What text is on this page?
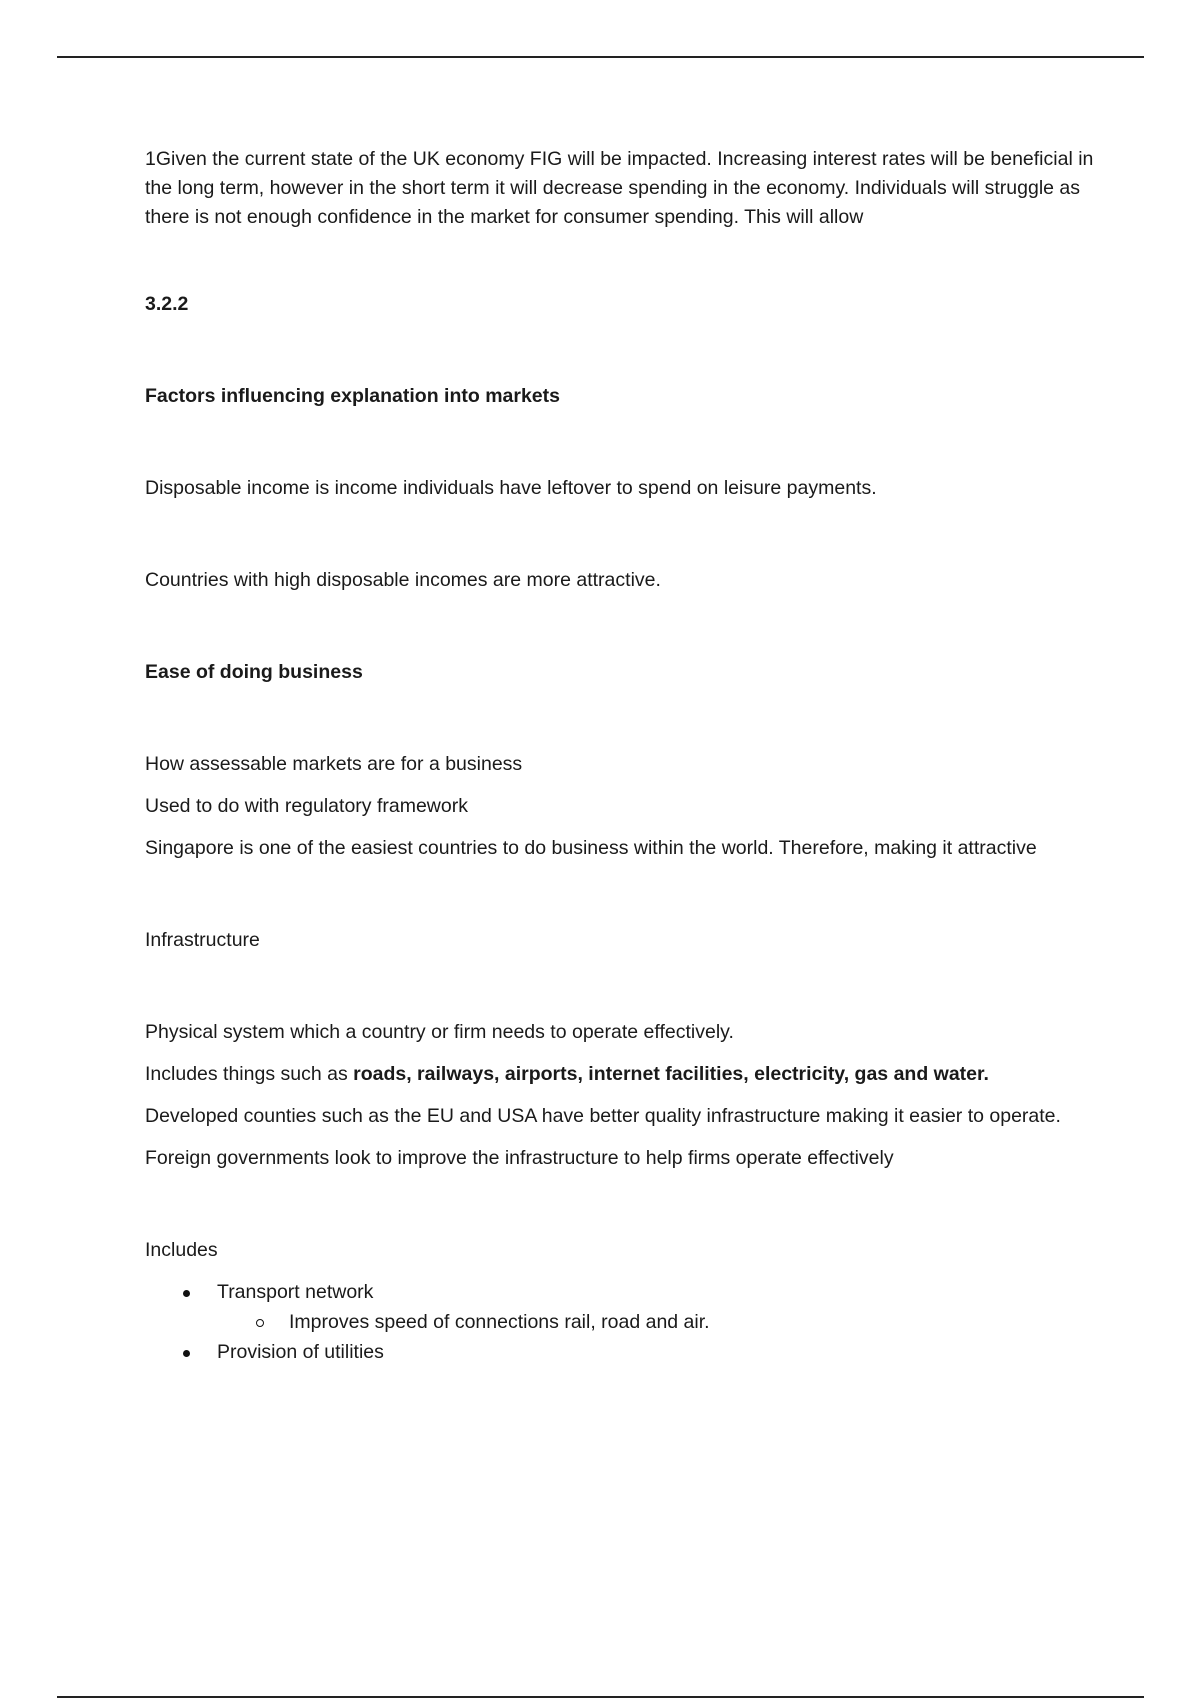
1Given the current state of the UK economy FIG will be impacted. Increasing interest rates will be beneficial in the long term, however in the short term it will decrease spending in the economy. Individuals will struggle as there is not enough confidence in the market for consumer spending. This will allow

3.2.2

Factors influencing explanation into markets

Disposable income is income individuals have leftover to spend on leisure payments.

Countries with high disposable incomes are more attractive.

Ease of doing business

How assessable markets are for a business

Used to do with regulatory framework

Singapore is one of the easiest countries to do business within the world. Therefore, making it attractive

Infrastructure

Physical system which a country or firm needs to operate effectively.

Includes things such as roads, railways, airports, internet facilities, electricity, gas and water.

Developed counties such as the EU and USA have better quality infrastructure making it easier to operate.

Foreign governments look to improve the infrastructure to help firms operate effectively

Includes

Transport network
Improves speed of connections rail, road and air.
Provision of utilities
